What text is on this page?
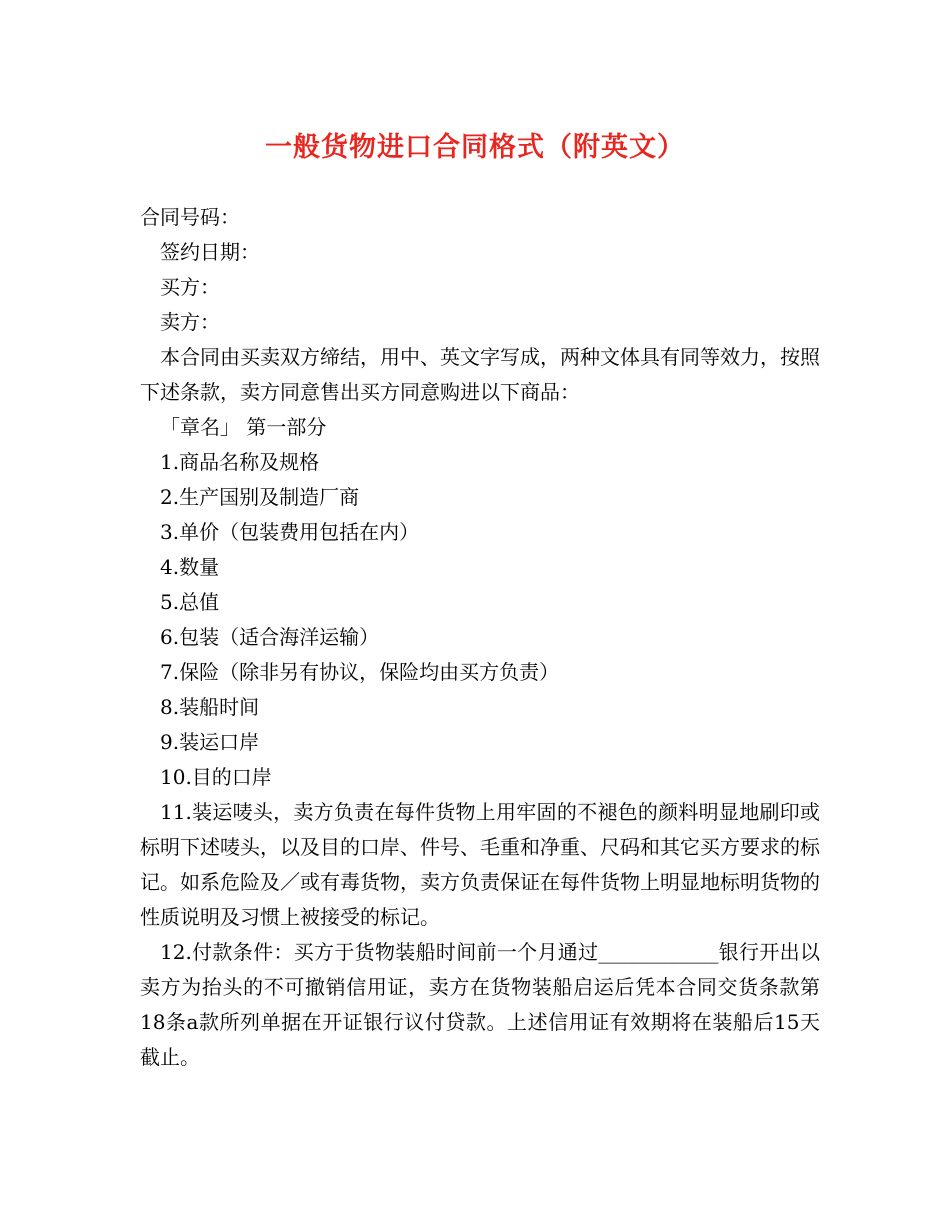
一般货物进口合同格式（附英文）

合同号码：

签约日期：

买方：

卖方：

本合同由买卖双方缔结，用中、英文字写成，两种文体具有同等效力，按照下述条款，卖方同意售出买方同意购进以下商品：

「章名」 第一部分

1.商品名称及规格

2.生产国别及制造厂商

3.单价（包装费用包括在内）

4.数量

5.总值

6.包装（适合海洋运输）

7.保险（除非另有协议，保险均由买方负责）

8.装船时间

9.装运口岸

10.目的口岸

11.装运唛头，卖方负责在每件货物上用牢固的不褪色的颜料明显地刷印或标明下述唛头，以及目的口岸、件号、毛重和净重、尺码和其它买方要求的标记。如系危险及／或有毒货物，卖方负责保证在每件货物上明显地标明货物的性质说明及习惯上被接受的标记。

12.付款条件：买方于货物装船时间前一个月通过____________银行开出以卖方为抬头的不可撤销信用证，卖方在货物装船启运后凭本合同交货条款第18条a款所列单据在开证银行议付贷款。上述信用证有效期将在装船后15天截止。
